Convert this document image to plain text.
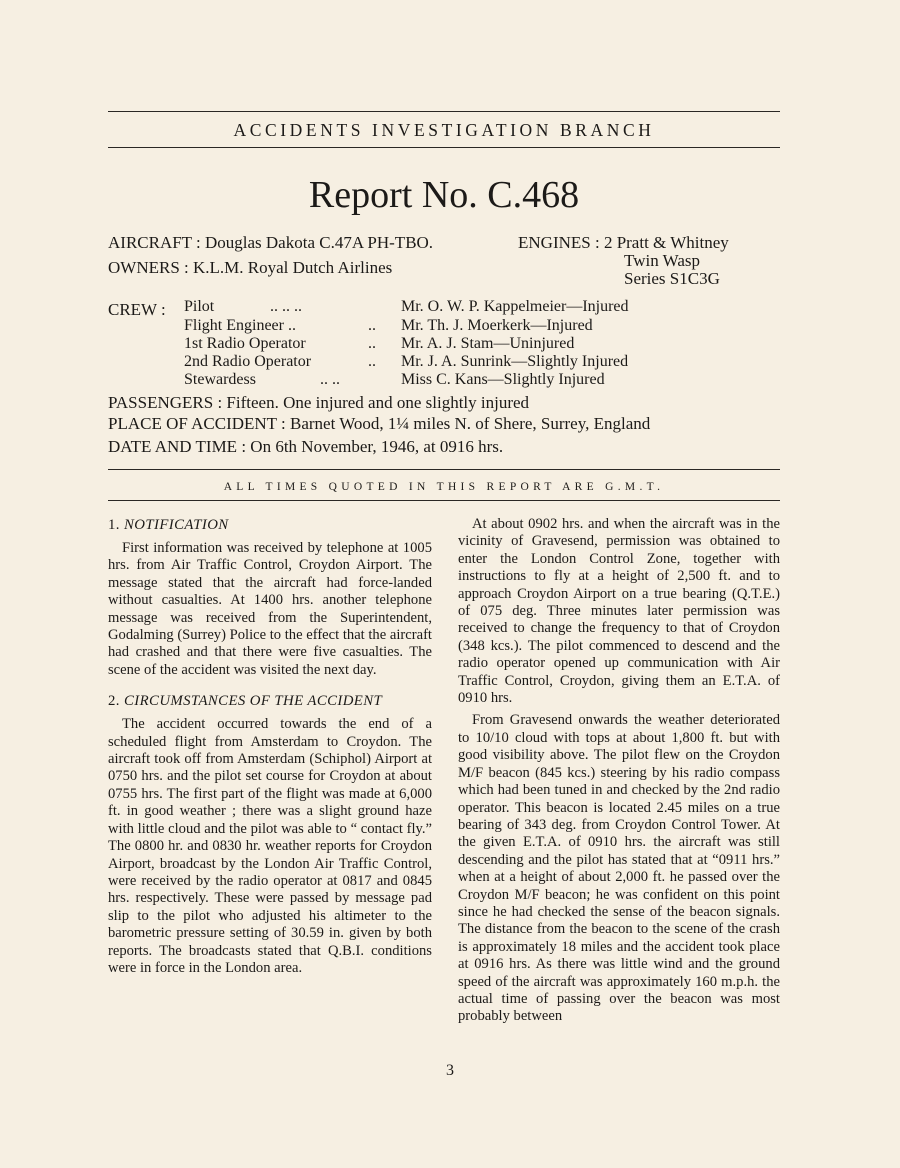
ACCIDENTS INVESTIGATION BRANCH
Report No. C.468
AIRCRAFT : Douglas Dakota C.47A PH-TBO.
OWNERS : K.L.M. Royal Dutch Airlines
ENGINES : 2 Pratt & Whitney
Twin Wasp
Series S1C3G
CREW : Pilot	.. .. ..	Mr. O. W. P. Kappelmeier—Injured
Flight Engineer ..	.. Mr. Th. J. Moerkerk—Injured
1st Radio Operator	.. Mr. A. J. Stam—Uninjured
2nd Radio Operator	.. Mr. J. A. Sunrink—Slightly Injured
Stewardess	.. ..	Miss C. Kans—Slightly Injured
PASSENGERS : Fifteen. One injured and one slightly injured
PLACE OF ACCIDENT : Barnet Wood, 1¼ miles N. of Shere, Surrey, England
DATE AND TIME : On 6th November, 1946, at 0916 hrs.
ALL TIMES QUOTED IN THIS REPORT ARE G.M.T.
1. NOTIFICATION

First information was received by telephone at 1005 hrs. from Air Traffic Control, Croydon Airport. The message stated that the aircraft had force-landed without casualties. At 1400 hrs. another telephone message was received from the Superintendent, Godalming (Surrey) Police to the effect that the aircraft had crashed and that there were five casualties. The scene of the accident was visited the next day.

2. CIRCUMSTANCES OF THE ACCIDENT

The accident occurred towards the end of a scheduled flight from Amsterdam to Croydon. The aircraft took off from Amsterdam (Schiphol) Airport at 0750 hrs. and the pilot set course for Croydon at about 0755 hrs. The first part of the flight was made at 6,000 ft. in good weather ; there was a slight ground haze with little cloud and the pilot was able to “ contact fly.” The 0800 hr. and 0830 hr. weather reports for Croydon Airport, broadcast by the London Air Traffic Control, were received by the radio operator at 0817 and 0845 hrs. respectively. These were passed by message pad slip to the pilot who adjusted his altimeter to the barometric pressure setting of 30.59 in. given by both reports. The broadcasts stated that Q.B.I. conditions were in force in the London area.

At about 0902 hrs. and when the aircraft was in the vicinity of Gravesend, permission was obtained to enter the London Control Zone, together with instructions to fly at a height of 2,500 ft. and to approach Croydon Airport on a true bearing (Q.T.E.) of 075 deg. Three minutes later permission was received to change the frequency to that of Croydon (348 kcs.). The pilot commenced to descend and the radio operator opened up communication with Air Traffic Control, Croydon, giving them an E.T.A. of 0910 hrs.

From Gravesend onwards the weather deteriorated to 10/10 cloud with tops at about 1,800 ft. but with good visibility above. The pilot flew on the Croydon M/F beacon (845 kcs.) steering by his radio compass which had been tuned in and checked by the 2nd radio operator. This beacon is located 2.45 miles on a true bearing of 343 deg. from Croydon Control Tower. At the given E.T.A. of 0910 hrs. the aircraft was still descending and the pilot has stated that at “0911 hrs.” when at a height of about 2,000 ft. he passed over the Croydon M/F beacon; he was confident on this point since he had checked the sense of the beacon signals. The distance from the beacon to the scene of the crash is approximately 18 miles and the accident took place at 0916 hrs. As there was little wind and the ground speed of the aircraft was approximately 160 m.p.h. the actual time of passing over the beacon was most probably between

3
